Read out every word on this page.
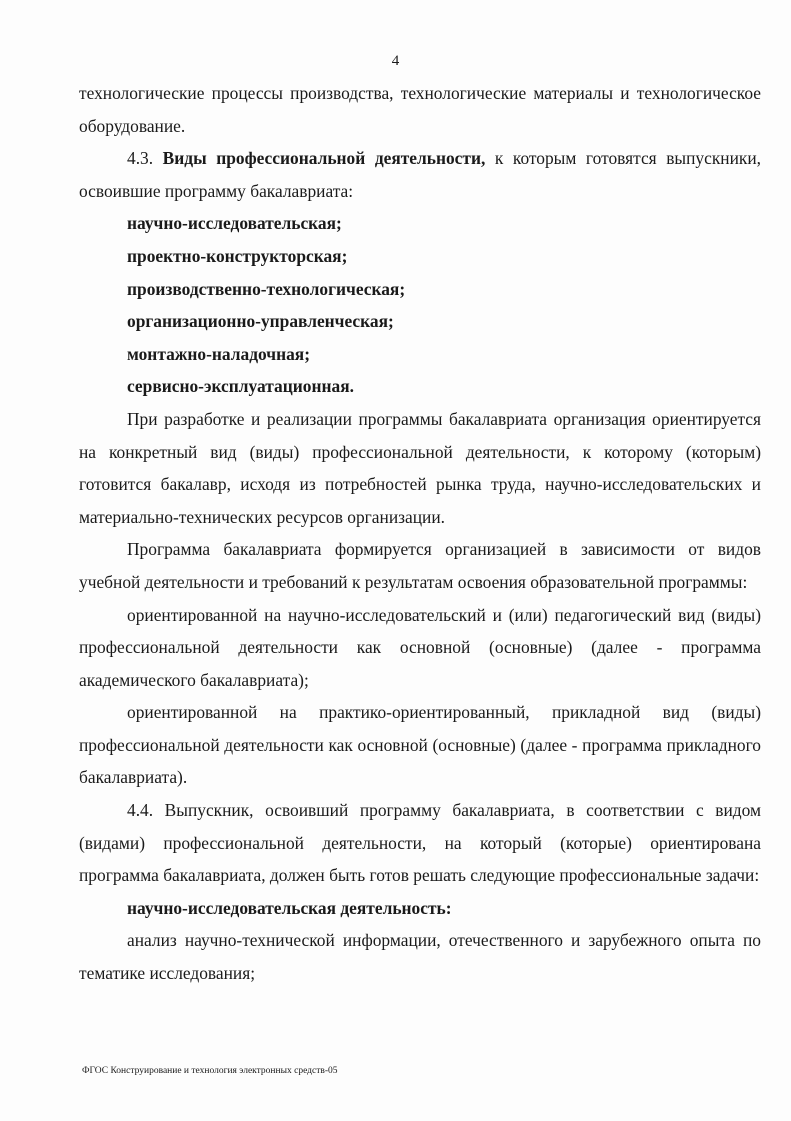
4

технологические процессы производства, технологические материалы и технологическое оборудование.

4.3. Виды профессиональной деятельности, к которым готовятся выпускники, освоившие программу бакалавриата:

научно-исследовательская;

проектно-конструкторская;

производственно-технологическая;

организационно-управленческая;

монтажно-наладочная;

сервисно-эксплуатационная.

При разработке и реализации программы бакалавриата организация ориентируется на конкретный вид (виды) профессиональной деятельности, к которому (которым) готовится бакалавр, исходя из потребностей рынка труда, научно-исследовательских и материально-технических ресурсов организации.

Программа бакалавриата формируется организацией в зависимости от видов учебной деятельности и требований к результатам освоения образовательной программы:

ориентированной на научно-исследовательский и (или) педагогический вид (виды) профессиональной деятельности как основной (основные) (далее - программа академического бакалавриата);

ориентированной на практико-ориентированный, прикладной вид (виды) профессиональной деятельности как основной (основные) (далее - программа прикладного бакалавриата).

4.4. Выпускник, освоивший программу бакалавриата, в соответствии с видом (видами) профессиональной деятельности, на который (которые) ориентирована программа бакалавриата, должен быть готов решать следующие профессиональные задачи:

научно-исследовательская деятельность:

анализ научно-технической информации, отечественного и зарубежного опыта по тематике исследования;

ФГОС Конструирование и технология электронных средств-05
